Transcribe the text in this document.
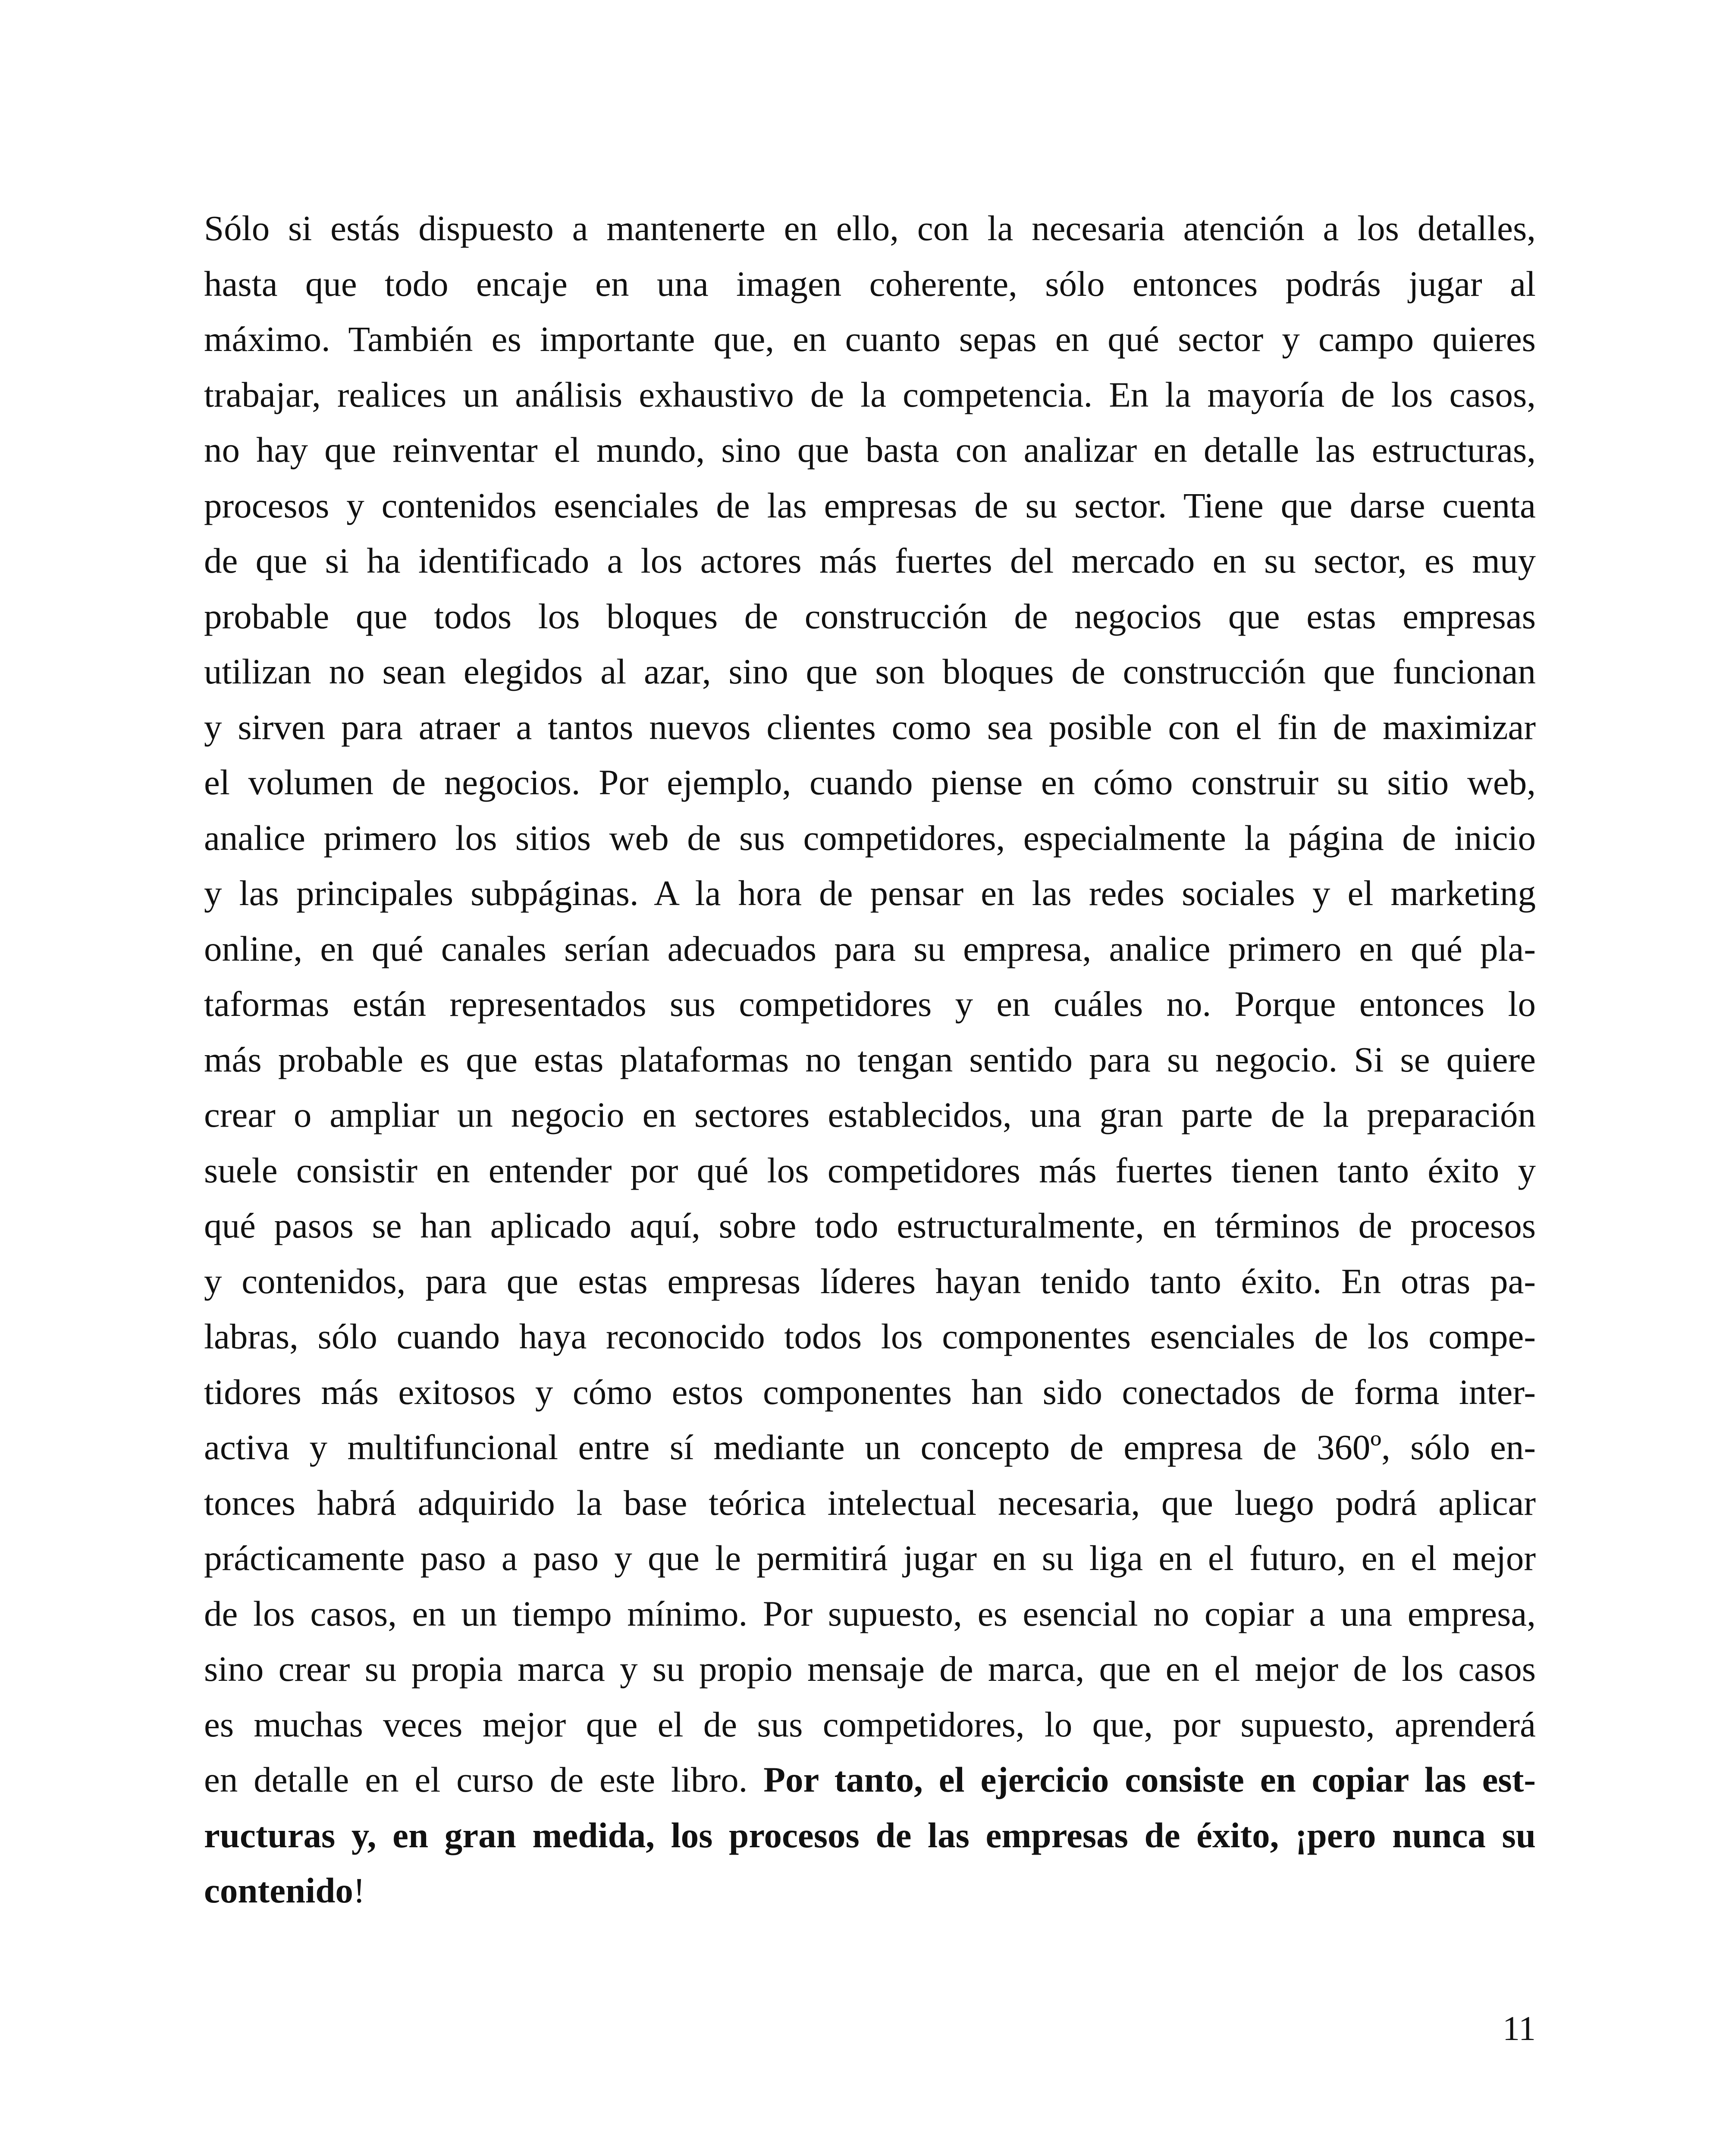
Sólo si estás dispuesto a mantenerte en ello, con la necesaria atención a los detalles,
hasta que todo encaje en una imagen coherente, sólo entonces podrás jugar al
máximo. También es importante que, en cuanto sepas en qué sector y campo quieres
trabajar, realices un análisis exhaustivo de la competencia. En la mayoría de los casos,
no hay que reinventar el mundo, sino que basta con analizar en detalle las estructuras,
procesos y contenidos esenciales de las empresas de su sector. Tiene que darse cuenta
de que si ha identificado a los actores más fuertes del mercado en su sector, es muy
probable que todos los bloques de construcción de negocios que estas empresas
utilizan no sean elegidos al azar, sino que son bloques de construcción que funcionan
y sirven para atraer a tantos nuevos clientes como sea posible con el fin de maximizar
el volumen de negocios. Por ejemplo, cuando piense en cómo construir su sitio web,
analice primero los sitios web de sus competidores, especialmente la página de inicio
y las principales subpáginas. A la hora de pensar en las redes sociales y el marketing
online, en qué canales serían adecuados para su empresa, analice primero en qué pla-
taformas están representados sus competidores y en cuáles no. Porque entonces lo
más probable es que estas plataformas no tengan sentido para su negocio. Si se quiere
crear o ampliar un negocio en sectores establecidos, una gran parte de la preparación
suele consistir en entender por qué los competidores más fuertes tienen tanto éxito y
qué pasos se han aplicado aquí, sobre todo estructuralmente, en términos de procesos
y contenidos, para que estas empresas líderes hayan tenido tanto éxito. En otras pa-
labras, sólo cuando haya reconocido todos los componentes esenciales de los compe-
tidores más exitosos y cómo estos componentes han sido conectados de forma inter-
activa y multifuncional entre sí mediante un concepto de empresa de 360º, sólo en-
tonces habrá adquirido la base teórica intelectual necesaria, que luego podrá aplicar
prácticamente paso a paso y que le permitirá jugar en su liga en el futuro, en el mejor
de los casos, en un tiempo mínimo. Por supuesto, es esencial no copiar a una empresa,
sino crear su propia marca y su propio mensaje de marca, que en el mejor de los casos
es muchas veces mejor que el de sus competidores, lo que, por supuesto, aprenderá
en detalle en el curso de este libro. Por tanto, el ejercicio consiste en copiar las est-
ructuras y, en gran medida, los procesos de las empresas de éxito, ¡pero nunca su
contenido!

11
